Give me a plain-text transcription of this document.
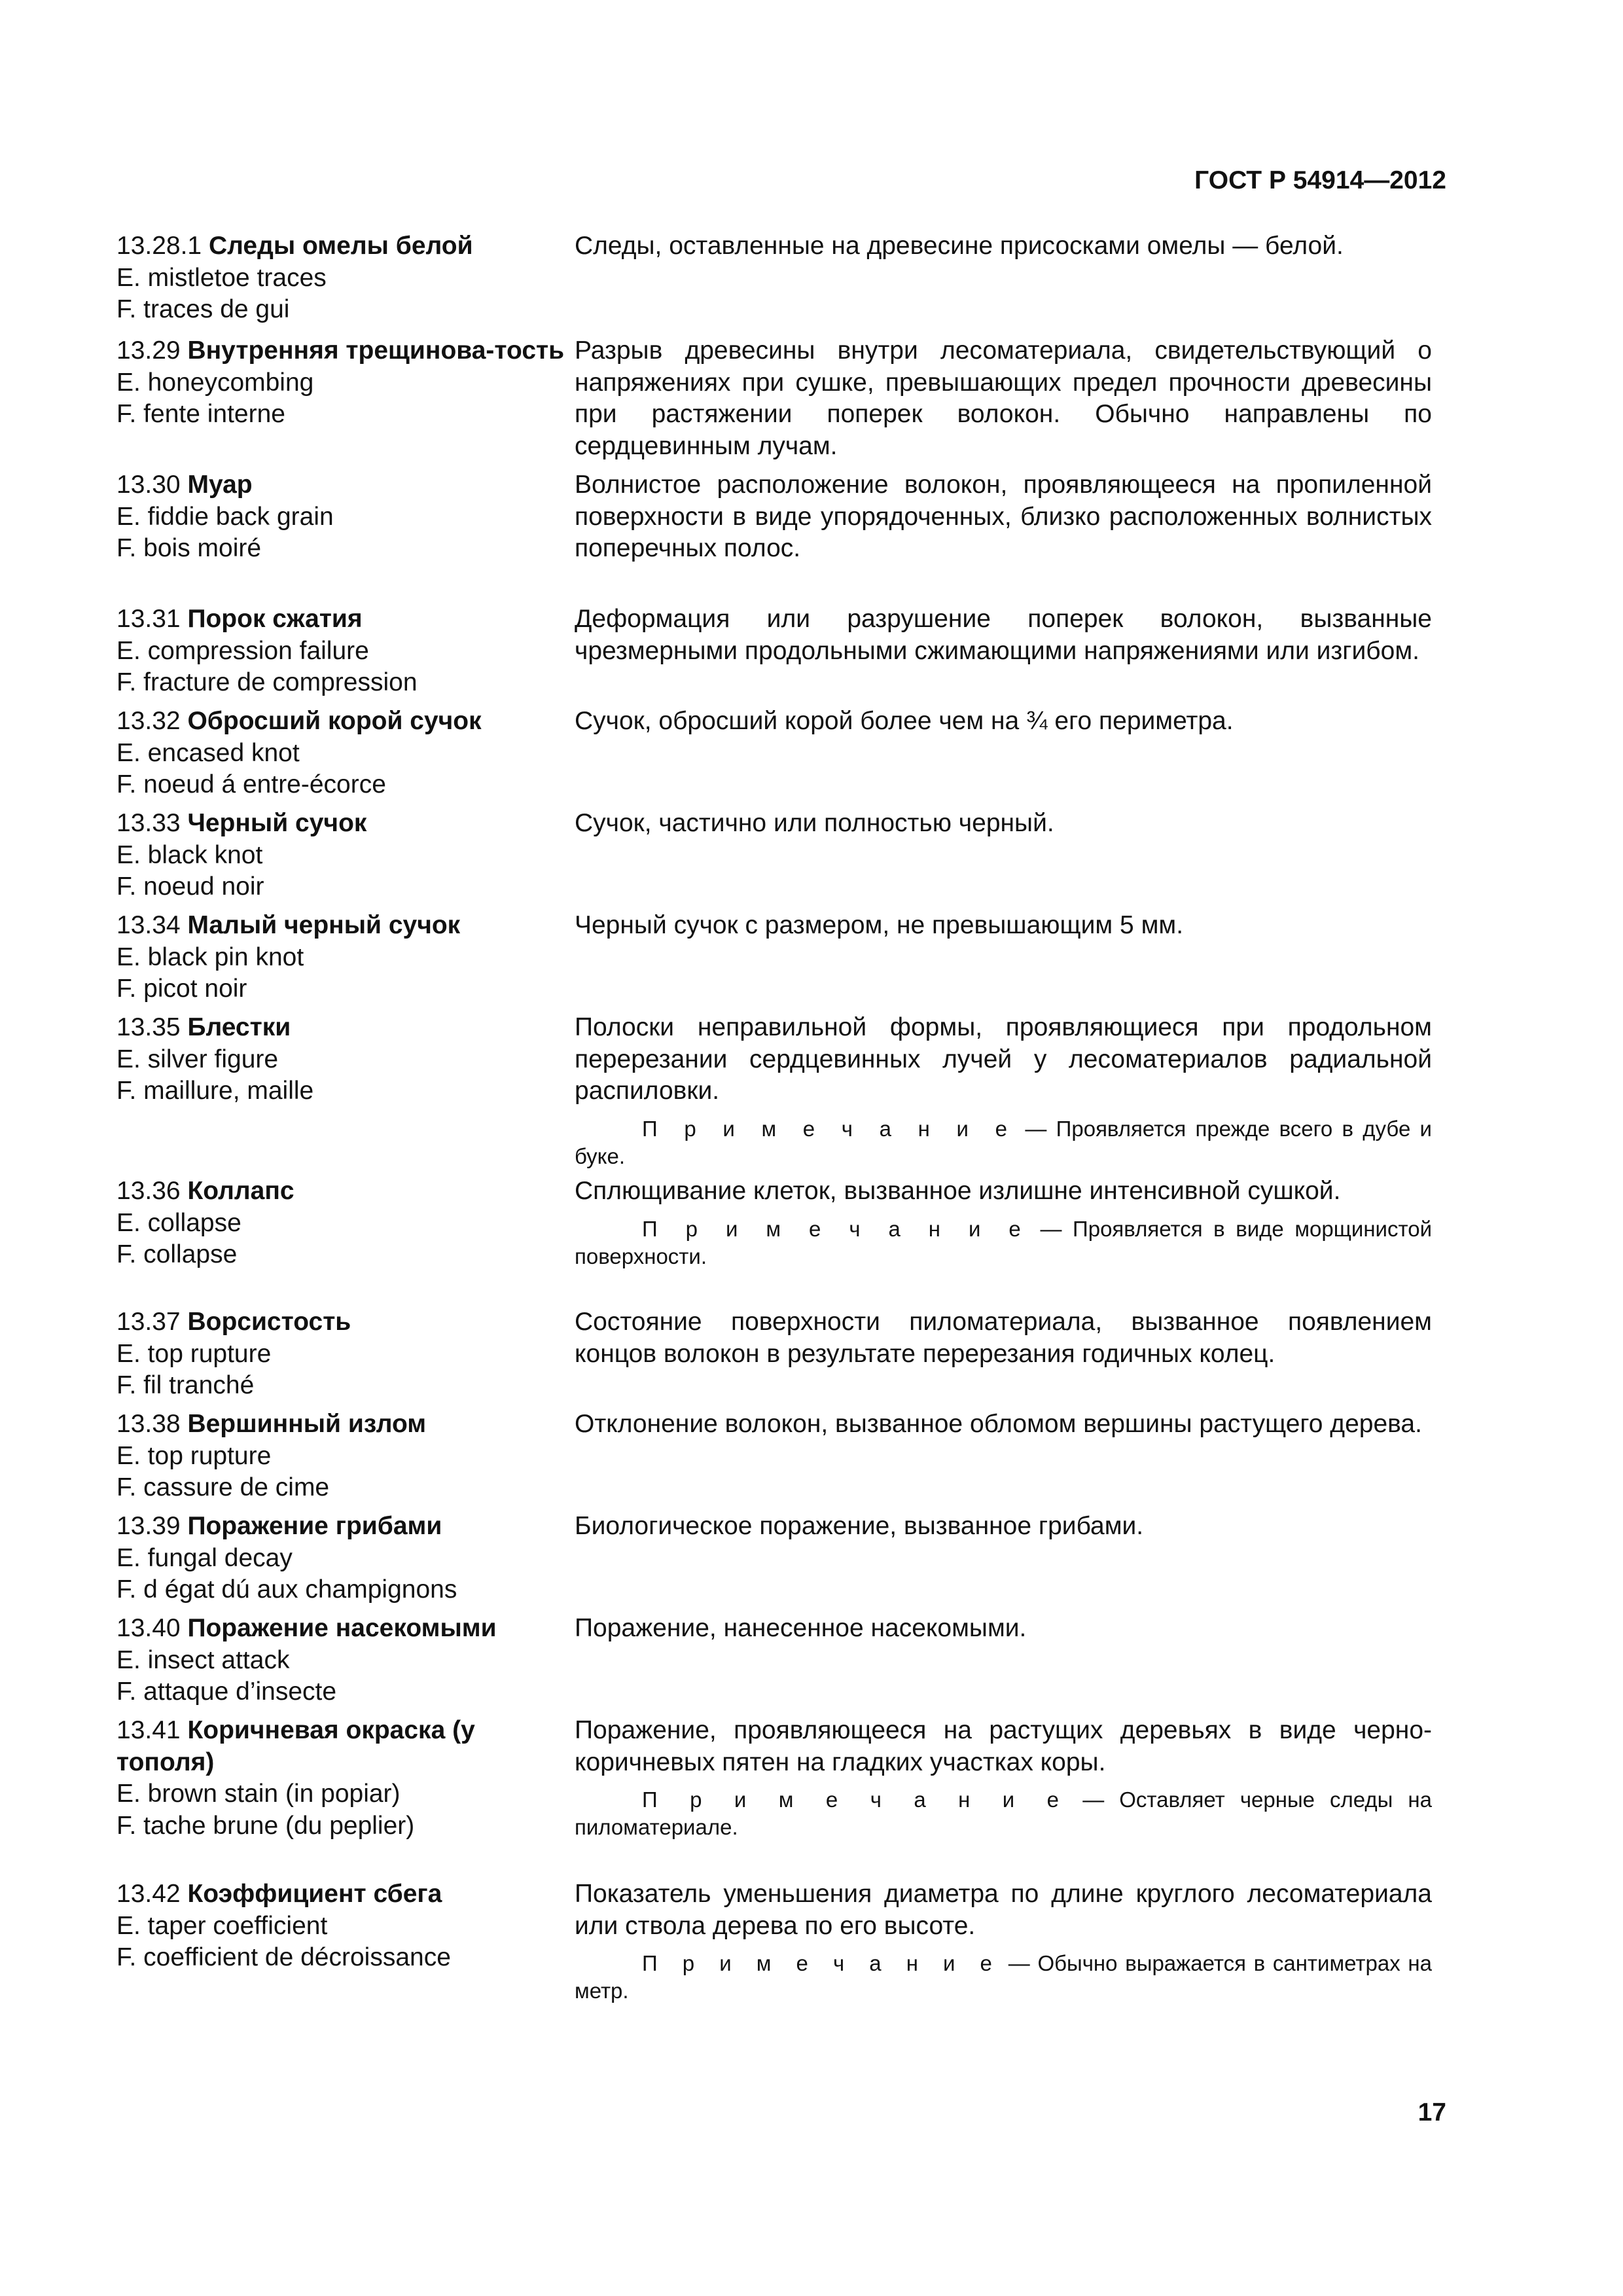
ГОСТ Р 54914—2012
13.28.1 Следы омелы белой
E. mistletoe traces
F. traces de gui
Следы, оставленные на древесине присосками омелы — белой.
13.29 Внутренняя трещинова-тость
E. honeycombing
F. fente interne
Разрыв древесины внутри лесоматериала, свидетельствующий о напряжениях при сушке, превышающих предел прочности древесины при растяжении поперек волокон. Обычно направлены по сердцевинным лучам.
13.30 Муар
E. fiddie back grain
F. bois moiré
Волнистое расположение волокон, проявляющееся на пропиленной поверхности в виде упорядоченных, близко расположенных волнистых поперечных полос.
13.31 Порок сжатия
E. compression failure
F. fracture de compression
Деформация или разрушение поперек волокон, вызванные чрезмерными продольными сжимающими напряжениями или изгибом.
13.32 Обросший корой сучок
E. encased knot
F. noeud á entre-écorce
Сучок, обросший корой более чем на ¾ его периметра.
13.33 Черный сучок
E. black knot
F. noeud noir
Сучок, частично или полностью черный.
13.34 Малый черный сучок
E. black pin knot
F. picot noir
Черный сучок с размером, не превышающим 5 мм.
13.35 Блестки
E. silver figure
F. maillure, maille
Полоски неправильной формы, проявляющиеся при продольном перерезании сердцевинных лучей у лесоматериалов радиальной распиловки.
П р и м е ч а н и е — Проявляется прежде всего в дубе и буке.
13.36 Коллапс
E. collapse
F. collapse
Сплющивание клеток, вызванное излишне интенсивной сушкой.
П р и м е ч а н и е — Проявляется в виде морщинистой поверхности.
13.37 Ворсистость
E. top rupture
F. fil tranché
Состояние поверхности пиломатериала, вызванное появлением концов волокон в результате перерезания годичных колец.
13.38 Вершинный излом
E. top rupture
F. cassure de cime
Отклонение волокон, вызванное обломом вершины растущего дерева.
13.39 Поражение грибами
E. fungal decay
F. d égat dú aux champignons
Биологическое поражение, вызванное грибами.
13.40 Поражение насекомыми
E. insect attack
F. attaque d’insecte
Поражение, нанесенное насекомыми.
13.41 Коричневая окраска (у тополя)
E. brown stain (in popiar)
F. tache brune (du peplier)
Поражение, проявляющееся на растущих деревьях в виде черно-коричневых пятен на гладких участках коры.
П р и м е ч а н и е — Оставляет черные следы на пиломатериале.
13.42 Коэффициент сбега
E. taper coefficient
F. coefficient de décroissance
Показатель уменьшения диаметра по длине круглого лесоматериала или ствола дерева по его высоте.
П р и м е ч а н и е — Обычно выражается в сантиметрах на метр.
17
